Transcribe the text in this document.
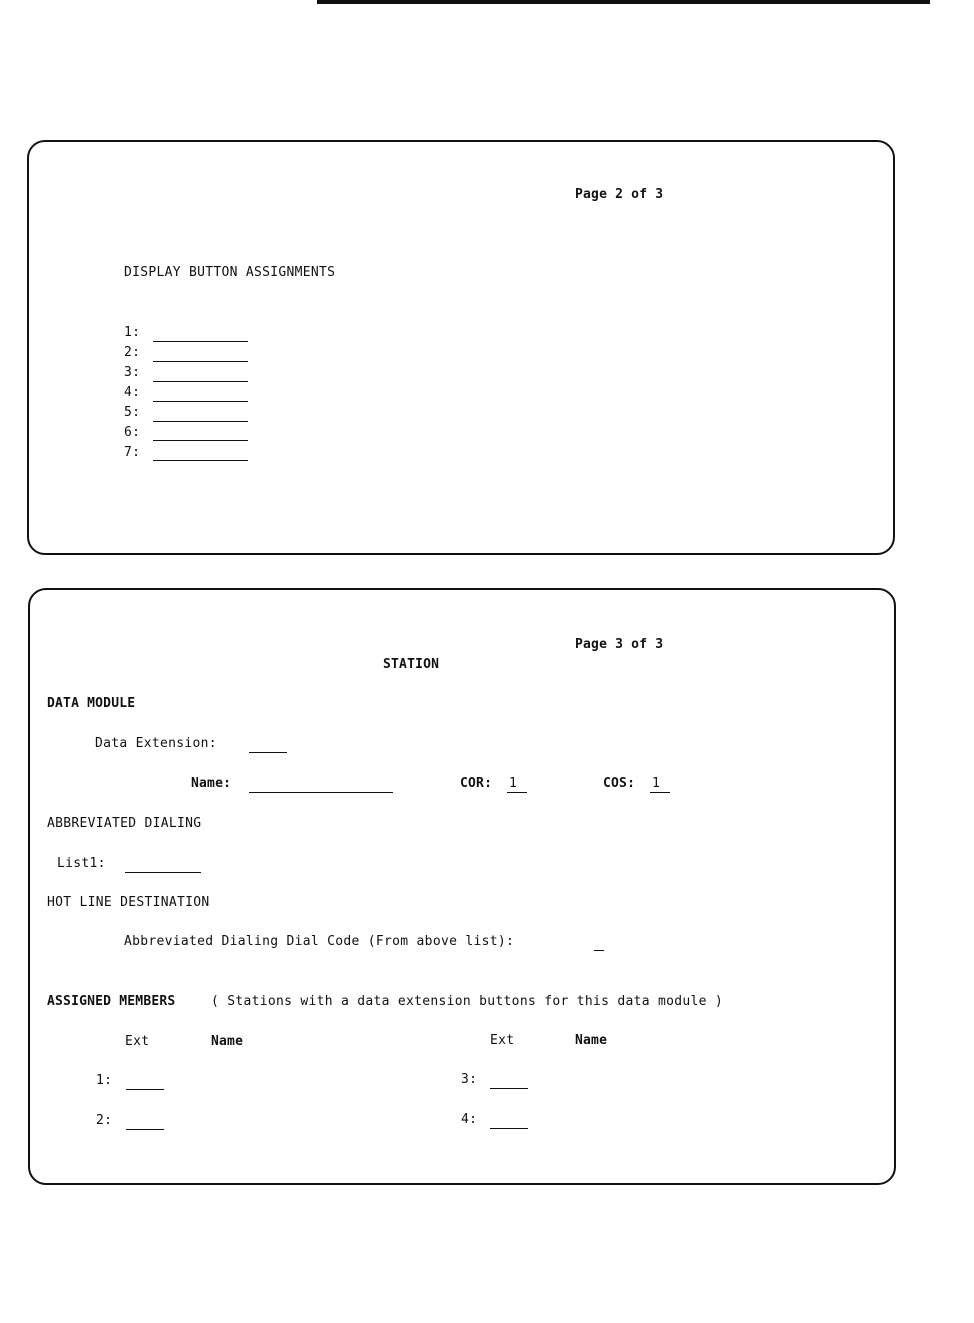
Page 2 of 3
DISPLAY BUTTON ASSIGNMENTS
1:
2:
3:
4:
5:
6:
7:
Page 3 of 3
STATION
DATA MODULE
Data Extension:
Name:	COR: 1	COS: 1
ABBREVIATED DIALING
List1:
HOT LINE DESTINATION
Abbreviated Dialing Dial Code (From above list):
ASSIGNED MEMBERS	( Stations with a data extension buttons for this data module )
Ext	Name	Ext	Name
1:
2:
3:
4:
